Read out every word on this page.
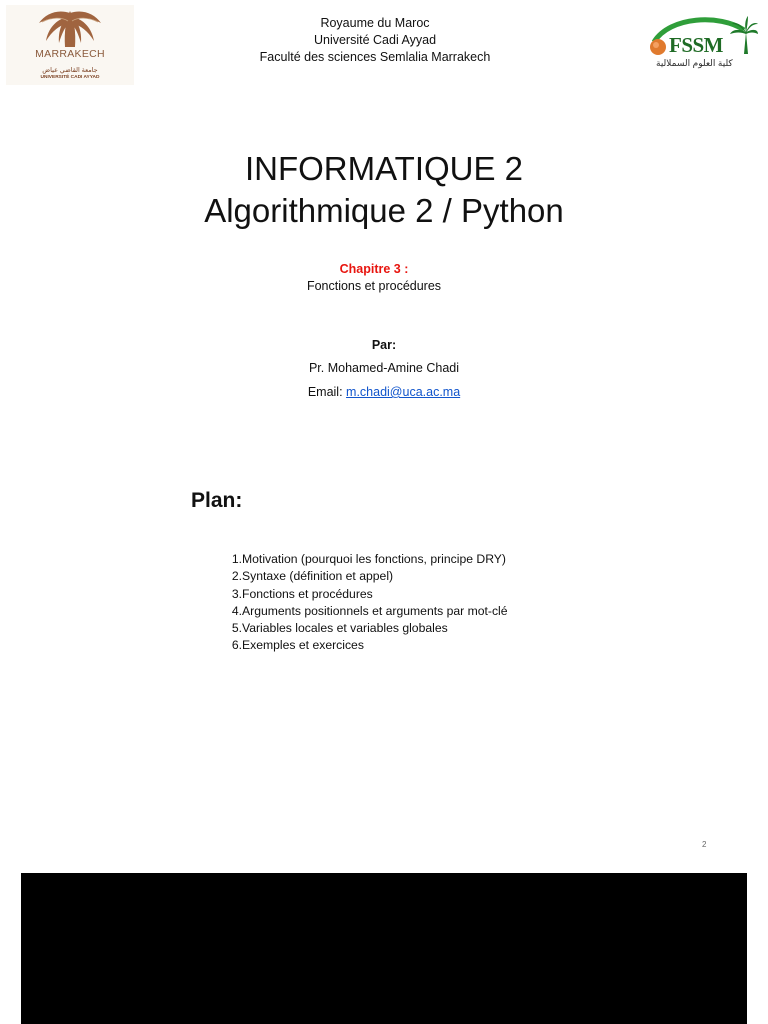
MARRAKECH
جامعة القاضي عياض
UNIVERSITÉ CADI AYYAD
Royaume du Maroc
Université Cadi Ayyad
Faculté des sciences Semlalia Marrakech	FSSM
كلية العلوم السملالية
INFORMATIQUE 2
Algorithmique 2 / Python
Chapitre 3 :
Fonctions et procédures
Par:
Pr. Mohamed-Amine Chadi
Email: m.chadi@uca.ac.ma
Plan:
1.Motivation (pourquoi les fonctions, principe DRY)
2.Syntaxe (définition et appel)
3.Fonctions et procédures
4.Arguments positionnels et arguments par mot-clé
5.Variables locales et variables globales
6.Exemples et exercices
2
